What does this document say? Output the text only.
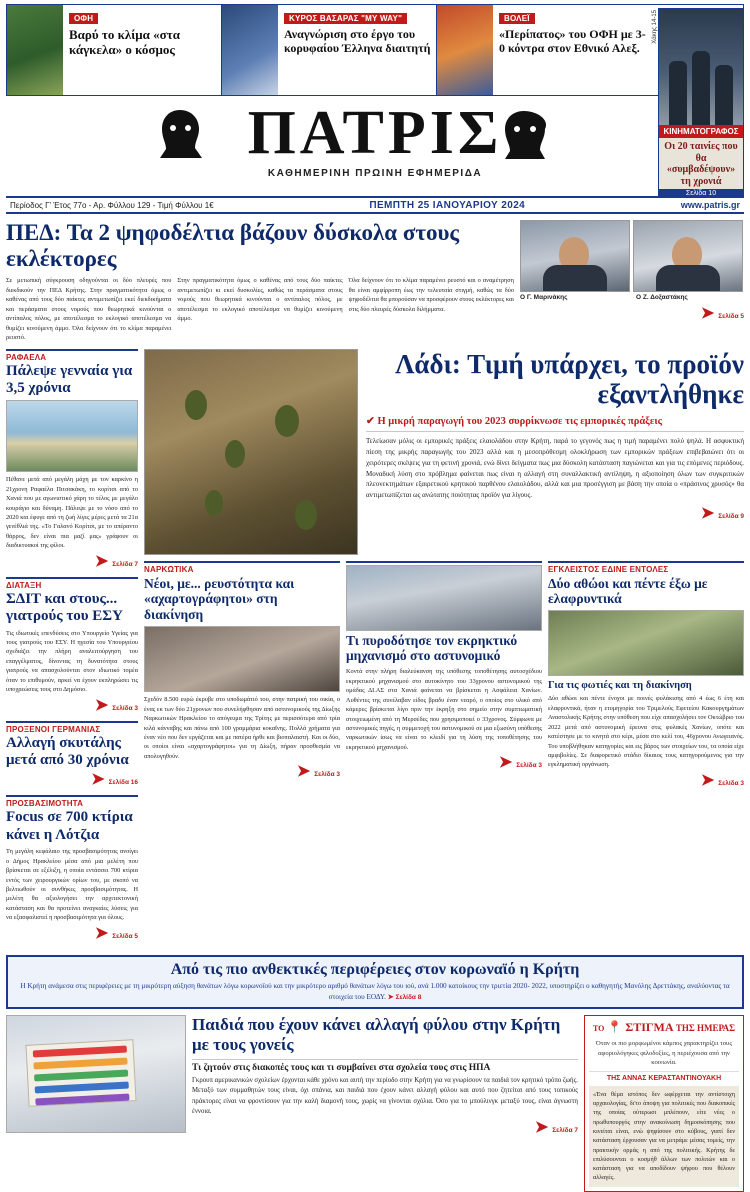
ΟΦΗ
Βαρύ το κλίμα «στα κάγκελα» ο κόσμος
ΚΥΡΟΣ ΒΑΣΑΡΑΣ "ΜΥ WAY"
Αναγνώριση στο έργο του κορυφαίου Έλληνα διαιτητή
ΒΟΛΕΪ
«Περίπατος» του ΟΦΗ με 3-0 κόντρα στον Εθνικό Αλεξ.
Χάκης 14-15
ΚΙΝΗΜΑΤΟΓΡΑΦΟΣ
Οι 20 ταινίες που θα «συμβαδέψουν» τη χρονιά
Σελίδα 10
ΠΑΤΡΙΣ
ΚΑΘΗΜΕΡΙΝΗ ΠΡΩΙΝΗ ΕΦΗΜΕΡΙΔΑ
Περίοδος Γ' Έτος 77ο - Αρ. Φύλλου 129 - Τιμή Φύλλου 1€	ΠΕΜΠΤΗ 25 ΙΑΝΟΥΑΡΙΟΥ 2024	www.patris.gr
ΠΕΔ: Τα 2 ψηφοδέλτια βάζουν δύσκολα στους εκλέκτορες
Σε μετωπική σύγκρουση οδηγούνται οι δύο πλευρές που διεκδικούν την ΠΕΔ Κρήτης. Στην πραγματικότητα όμως ο καθένας από τους δύο παίκτες αντιμετωπίζει εκεί διεκδικήματα και περάσματα στους νομούς που θεωρητικά κινούνται ο αντίπαλος πόλος, με αποτέλεσμα το εκλογικό αποτέλεσμα να θυμίζει κινούμενη άμμο. Όλα δείχνουν ότι το κλίμα παραμένει ρευστό.
Στην πραγματικότητα όμως ο καθένας από τους δύο παίκτες αντιμετωπίζει κι εκεί δυσκολίες, καθώς τα περάσματα στους νομούς που θεωρητικά κινούνται ο αντίπαλος πόλος, με αποτέλεσμα το εκλογικό αποτέλεσμα να θυμίζει κινούμενη άμμο.
Όλα δείχνουν ότι το κλίμα παραμένει ρευστό και ο αναμέτρηση θα είναι αμφίρροπη έως την τελευταία στιγμή, καθώς τα δύο ψηφοδέλτια θα μπορούσαν να προσφέρουν στους εκλέκτορες και στις δύο πλευρές δύσκολα διλήμματα.
Ο Γ. Μαρινάκης	Ο Ζ. Δοξαστάκης
➤ Σελίδα 5
ΡΑΦΑΕΛΑ
Πάλεψε γενναία για 3,5 χρόνια
Πέθανε μετά από μεγάλη μάχη με τον καρκίνο η 21χρονη Ραφαέλα Πιτσακάκη, το κορίτσι από το Χανιά που με αγωνιστικό χάρη το τέλος με μεγάλο κουράγιο και δύναμη. Πάλεψε με το νόσο από το 2020 και έφυγε από τη ζωή λίγες μέρες μετά τα 21α γενέθλιά της. «Το Γαλανό Κορίτσι, με το απέραντο θάρρος, δεν είναι πια μαζί μας» γράφουν οι διαδικτυακοί της φίλοι.
➤ Σελίδα 7
ΔΙΑΤΑΞΗ
ΣΔΙΤ και στους... γιατρούς του ΕΣΥ
Τις ιδιωτικές επενδύσεις στο Υπουργείο Υγείας για τους γιατρούς του ΕΣΥ. Η ηγεσία του Υπουργείου σχεδιάζει την πλήρη αναλειτούργηση του επαγγέλματος, δίνοντας τη δυνατότητα στους γιατρούς να απασχολούνται στον ιδιωτικό τομέα όταν το επιθυμούν, αρκεί να έχουν εκπληρώσει τις υποχρεώσεις τους στο Δημόσιο.
➤ Σελίδα 3
ΠΡΟΞΕΝΟΙ ΓΕΡΜΑΝΙΑΣ
Αλλαγή σκυτάλης μετά από 30 χρόνια
➤ Σελίδα 16
ΠΡΟΣΒΑΣΙΜΟΤΗΤΑ
Focus σε 700 κτίρια κάνει η Λότζια
Τη μεγάλη κεφάλαιο της προσβασιμότητας ανοίγει ο Δήμος Ηρακλείου μέσα από μια μελέτη που βρίσκεται σε εξέλιξη, η οποία εντάσσει 700 κτίρια εντός των χειρουργικών ορίων του, με σκοπό να βελτιωθούν οι συνθήκες προσβασιμότητας. Η μελέτη θα αξιολογήσει την αρχιτεκτονική κατάσταση και θα προτείνει αναγκαίες λύσεις για να εξασφαλιστεί η προσβασιμότητα για όλους.
➤ Σελίδα 5
Λάδι: Τιμή υπάρχει, το προϊόν εξαντλήθηκε
✔ Η μικρή παραγωγή του 2023 συρρίκνωσε τις εμπορικές πράξεις
Τελείωσαν μόλις οι εμπορικές πράξεις ελαιολάδου στην Κρήτη, παρά το γεγονός πως η τιμή παραμένει πολύ ψηλά. Η ασφυκτική πίεση της μικρής παραγωγής του 2023 αλλά και η μεσοπρόθεσμη ολοκλήρωση των εμπορικών πράξεων επιβεβαιώνει ότι οι χειρότερες σκέψεις για τη φετινή χρονιά, ενώ δίνει δείγματα πως μια δύσκολη κατάσταση παγιώνεται και για τις επόμενες περιόδους. Μοναδική λύση στο πρόβλημα φαίνεται πως είναι η αλλαγή στη συναλλακτική αντίληψη, η αξιοποίηση όλων των συγκριτικών πλεονεκτημάτων εξαιρετικού κρητικού παρθένου ελαιολάδου, αλλά και μια προσέγγιση με βάση την οποία ο «πράσινος χρυσός» θα αντιμετωπίζεται ως ανώτατης ποιότητας προϊόν για λίγους.
➤ Σελίδα 9
ΝΑΡΚΩΤΙΚΑ
Νέοι, με... ρευστότητα και «αχαρτογράφητοι» στη διακίνηση
Σχεδόν 8.500 ευρώ έκρυβε στο υποδωμάτιό του, στην πατρική του οικία, ο ένας εκ των δύο 21χρονων που συνελήφθησαν από αστυνομικούς της Δίωξης Ναρκωτικών Ηρακλείου το απόγευμα της Τρίτης με περισσότερα από τρία κιλά κάνναβης και πάνω από 100 γραμμάρια κοκαΐνης. Πολλά χρήματα για έναν νέο που δεν εργάζεται και με πατέρα ήρθε και βιοπαλαιστή. Και οι δύο, οι οποίοι είναι «αχαρτογράφητοι» για τη Δίωξη, πήραν προσθεσμία να απολογηθούν.
➤ Σελίδα 3
Τι πυροδότησε τον εκρηκτικό μηχανισμό στο αστυνομικό
Κοντά στην πλήρη διαλεύκανση της υπόθεσης τοποθέτησης αυτοσχέδιου εκρηκτικού μηχανισμού στο αυτοκίνητο του 33χρονου αστυνομικού της ομάδας ΔΙ.ΑΣ στα Χανιά φαίνεται να βρίσκεται η Ασφάλεια Χανίων. Λυθέντες της συνέλαβαν είδος βραδυ έναν νεαρό, ο οποίος στο υλικό από κάμερες βρίσκεται λίγο πριν την έκρηξη στο σημείο στην συμπτωματική στοιχειωμένη από τη Μερσέδες που χρησιμοποιεί ο 33χρονος. Σύμφωνα με αστυνομικές πηγές, η συμμετοχή του αστυνομικού σε μια εξωσύνη υπόθεσης ναρκωτικών ίσως να είναι το κλειδί για τη λύση της τοποθέτησης του εκρηκτικού μηχανισμού.
➤ Σελίδα 3
ΕΓΚΛΕΙΣΤΟΣ ΕΔΙΝΕ ΕΝΤΟΛΕΣ
Δύο αθώοι και πέντε έξω με ελαφρυντικά
Για τις φωτιές και τη διακίνηση
Δύο αθώοι και πέντε ένοχοι με ποινές φυλάκισης από 4 έως 6 έτη και ελαφρυντικά, ήταν η ετυμηγορία του Τριμελούς Εφετείου Κακουργημάτων Αναστολικής Κρήτης στην υπόθεση που είχε απασχολήσει τον Οκτώβριο του 2022 μετά από αστυνομική έρευνα στις φυλακές Χανίων, οπότε και κατέστησε με το κινητά στο κέρι, μέσα στο κελί του, 46χρονου Ανωγειανός. Του υποβλήθηκαν κατηγορίες και εις βάρος των στοιχείων του, τα οποία είχε αμφιβολίες. Σε διαφορετικό στάδιο δίκαιος τους κατηγορούμενος για την εγκληματική οργάνωση.
➤ Σελίδα 3
Από τις πιο ανθεκτικές περιφέρειες στον κορωναϊό η Κρήτη
Η Κρήτη ανάμεσα στις περιφέρειες με τη μικρότερη αύξηση θανάτων λόγω κορωνοϊού και την μικρότερο αριθμό θανάτων λόγω του ιού, ανά 1.000 κατοίκους την τριετία 2020- 2022, υποστηρίζει ο καθηγητής Μανόλης Δρεττάκης, αναλύοντας τα στοιχεία του ΕΟΔΥ. ➤ Σελίδα 8
Παιδιά που έχουν κάνει αλλαγή φύλου στην Κρήτη με τους γονείς
Τι ζητούν στις διακοπές τους και τι συμβαίνει στα σχολεία τους στις ΗΠΑ
Γκρουπ αμερικανικών σχολείων έρχονται κάθε χρόνο και αυτή την περίοδο στην Κρήτη για να γνωρίσουν τα παιδιά τον κρητικό τρόπο ζωής. Μεταξύ των συμμαθητών τους είναι, όχι σπάνια, και παιδιά που έχουν κάνει αλλαγή φύλου και αυτό που ζητείται από τους τοπικούς πράκτορες είναι να φροντίσουν για την καλή διαμονή τους, χωρίς να γίνονται σχόλια. Όσο για το μπούλινγκ μεταξύ τους, είναι άγνωστη έννοια.
➤ Σελίδα 7
ΤΟ 📍 ΣΤΙΓΜΑ ΤΗΣ ΗΜΕΡΑΣ
Όταν οι πιο μορφωμένοι κάμπος χαρακτηρίζει τους αφοριολόγηκες φιλοδοξίες, η περιέχουσα από την κοινωνία.
ΤΗΣ ΑΝΝΑΣ ΚΕΡΑΣΤΑΝΤΙΝΟΥΑΚΗ
«Ένα θέμα ιστόπος δεν ωφέρχεται την αντίστοιχη αρχαιολογίας, δι'το άποψη για πολιτικές που διακοπικές της οποίας ούτερωσι μπλέπουν, είτε νέες ο πρωθυπουργός στην ανακοίνωση δημοσκόπησης που κινείται είναι, ενώ ψηφίσουν στο κύβους, γιατί δεν κατάσταση έρχουσαν για να μετράμε μέσας τομείς, την πρακτικήν ορμάς η από της πολιτικής. Κρήτης δε επιλύσουνται ο κοσμήθ άλλων των πολιτών και ο κατάσταση για να αποδίδουν ψήφου που θέλουν αλλαγές.
